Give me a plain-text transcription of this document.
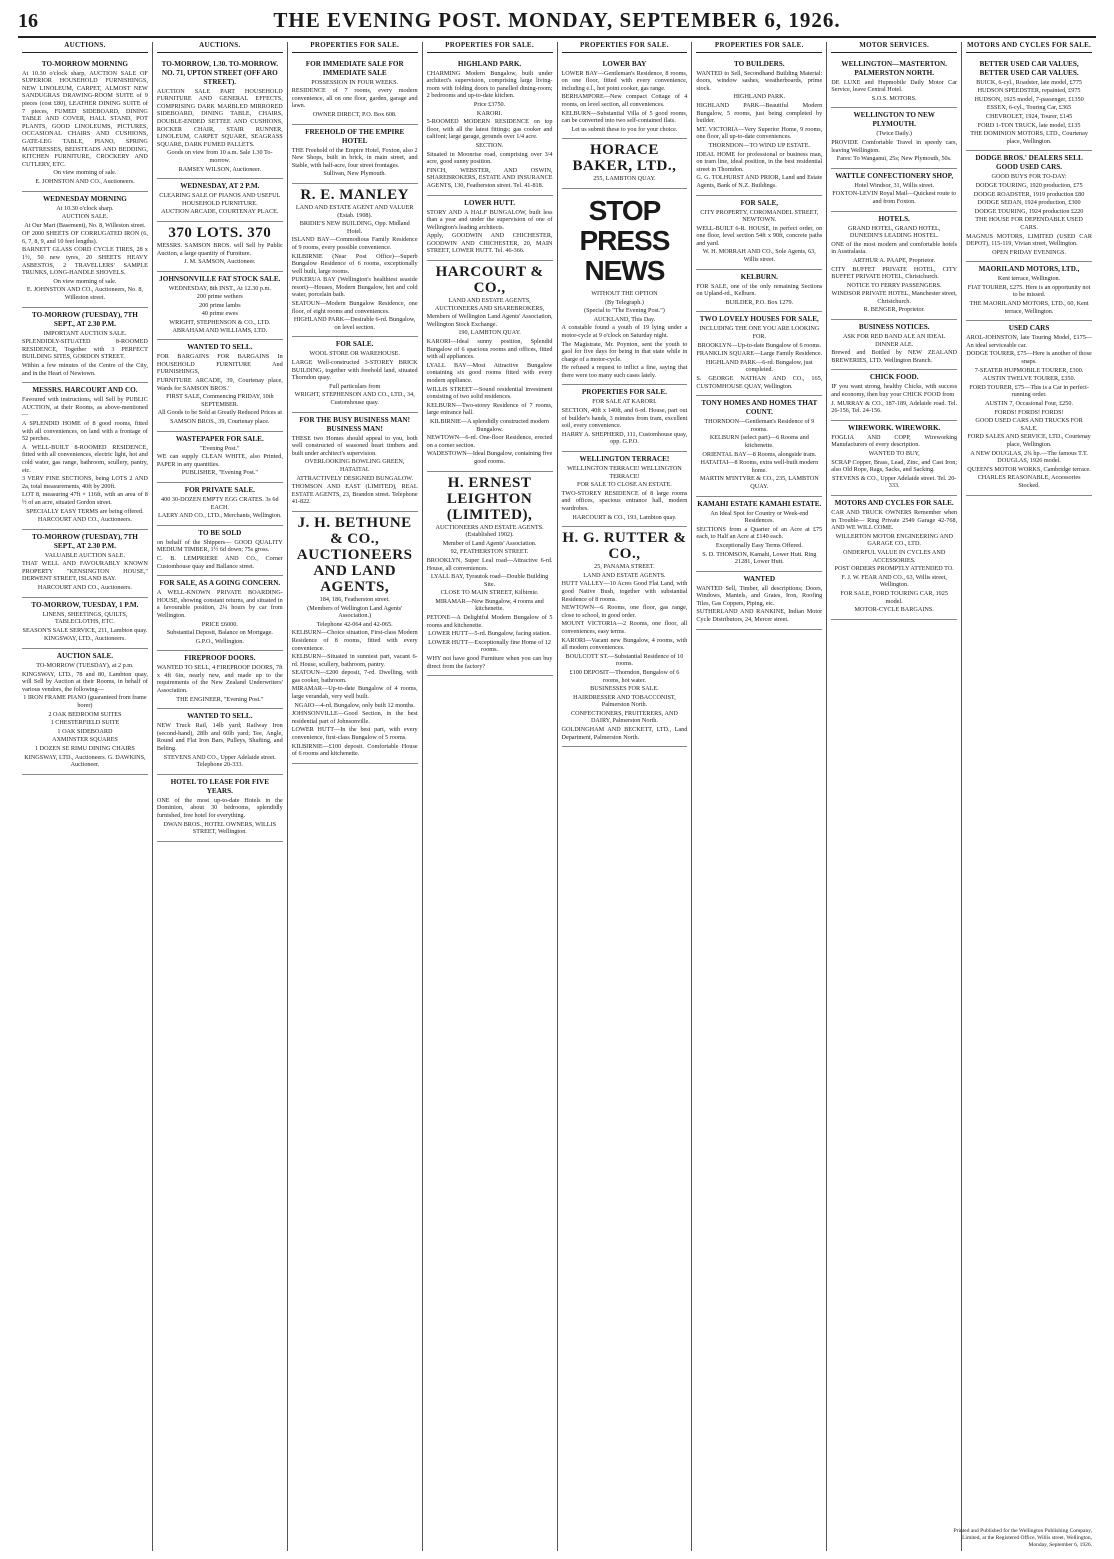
16	THE EVENING POST. MONDAY, SEPTEMBER 6, 1926.
AUCTIONS.
TO-MORROW MORNING

At 10.30 o'clock sharp, AUCTION SALE OF SUPERIOR HOUSEHOLD FURNISHINGS, NEW LINOLEUM, CARPET, ALMOST NEW SANDUGRAS DRAWING-ROOM SUITE of 9 pieces (cost £80), LEATHER DINING SUITE of 7 pieces, FUMED SIDEBOARD, DINING TABLE AND COVER, HALL STAND, POT PLANTS, GOOD LINOLEUMS, PICTURES, OCCASIONAL CHAIRS AND CUSHIONS, GATE-LEG TABLE, PIANO, SPRING MATTRESSES, BEDSTEADS AND BEDDING, KITCHEN FURNITURE, CROCKERY AND CUTLERY, ETC.

On view morning of sale.

E. JOHNSTON AND CO., Auctioneers.

WEDNESDAY MORNING

At 10.30 o'clock sharp.

AUCTION SALE.

At Our Mart (Basement), No. 8, Willeston street.

OF 2000 SHEETS OF CORRUGATED IRON (6, 6, 7, 8, 9, and 10 feet lengths).

BARNETT GLASS CORD CYCLE TIRES, 28 x 1½, 50 new tyres, 20 SHEETS HEAVY ASBESTOS, 2 TRAVELLERS' SAMPLE TRUNKS, LONG-HANDLE SHOVELS.

On view morning of sale.

E. JOHNSTON AND CO., Auctioneers, No. 8, Willeston street.

TO-MORROW (TUESDAY), 7TH SEPT., AT 2.30 P.M.

IMPORTANT AUCTION SALE.

SPLENDIDLY-SITUATED 8-ROOMED RESIDENCE, Together with 3 PERFECT BUILDING SITES, GORDON STREET.

Within a few minutes of the Centre of the City, and in the Heart of Newtown.

MESSRS. HARCOURT AND CO.

Favoured with instructions, will Sell by PUBLIC AUCTION, at their Rooms, as above-mentioned—

A SPLENDID HOME of 8 good rooms, fitted with all conveniences, on land with a frontage of 52 perches.

A WELL-BUILT 8-ROOMED RESIDENCE, fitted with all conveniences, electric light, hot and cold water, gas range, bathroom, scullery, pantry, etc.

3 VERY FINE SECTIONS, being LOTS 2 AND 2a, total measurements, 40ft by 200ft.

LOT 8, measuring 47ft × 116ft, with an area of 8 ½ of an acre, situated Gordon street.

SPECIALLY EASY TERMS are being offered.

HARCOURT AND CO., Auctioneers.

TO-MORROW (TUESDAY), 7TH SEPT., AT 2.30 P.M.

VALUABLE AUCTION SALE.

THAT WELL AND FAVOURABLY KNOWN PROPERTY "KENSINGTON HOUSE," DERWENT STREET, ISLAND BAY.

HARCOURT AND CO., Auctioneers.

TO-MORROW, TUESDAY, 1 P.M.

LINENS, SHEETINGS, QUILTS, TABLECLOTHS, ETC.

SEASON'S SALE SERVICE, 211, Lambton quay.

KINGSWAY, LTD., Auctioneers.

AUCTION SALE.

TO-MORROW (TUESDAY), at 2 p.m.

KINGSWAY, LTD., 78 and 80, Lambton quay, will Sell by Auction at their Rooms, in behalf of various vendors, the following—

1 IRON FRAME PIANO (guaranteed from frame borer)

2 OAK BEDROOM SUITES

1 CHESTERFIELD SUITE

1 OAK SIDEBOARD

AXMINSTER SQUARES

1 DOZEN SE RIMU DINING CHAIRS

KINGSWAY, LTD., Auctioneers. G. DAWKINS, Auctioneer.

AUCTIONS.
TO-MORROW, 1.30. TO-MORROW. NO. 71, UPTON STREET (OFF ARO STREET).

AUCTION SALE PART HOUSEHOLD FURNITURE AND GENERAL EFFECTS, COMPRISING DARK MARBLED MIRRORED SIDEBOARD, DINING TABLE, CHAIRS, DOUBLE-ENDED SETTEE AND CUSHIONS, ROCKER CHAIR, STAIR RUNNER, LINOLEUM, CARPET SQUARE, SEAGRASS SQUARE, DARK FUMED PALLETS.

Goods on view from 10 a.m. Sale 1.30 To-morrow.

RAMSEY WILSON, Auctioneer.

WEDNESDAY, AT 2 P.M.

CLEARING SALE OF PIANOS AND USEFUL HOUSEHOLD FURNITURE.

AUCTION ARCADE, COURTENAY PLACE.

370 LOTS. 370

MESSRS. SAMSON BROS. will Sell by Public Auction, a large quantity of Furniture.

J. M. SAMSON, Auctioneer.

JOHNSONVILLE FAT STOCK SALE.

WEDNESDAY, 8th INST., At 12.30 p.m.

200 prime wethers

200 prime lambs

40 prime ewes

WRIGHT, STEPHENSON & CO., LTD. ABRAHAM AND WILLIAMS, LTD.

WANTED TO SELL.

FOR BARGAINS FOR BARGAINS In HOUSEHOLD FURNITURE And FURNISHINGS,

FURNITURE ARCADE, 39, Courtenay place, Wards for SAMSON BROS.'

FIRST SALE, Commencing FRIDAY, 10th SEPTEMBER.

All Goods to be Sold at Greatly Reduced Prices at

SAMSON BROS., 39, Courtenay place.

WASTEPAPER FOR SALE.

"Evening Post."

WE can supply CLEAN WHITE, also Printed, PAPER in any quantities.

PUBLISHER, "Evening Post."

FOR PRIVATE SALE.

400 30-DOZEN EMPTY EGG CRATES. 3s 6d EACH.

LAERY AND CO., LTD., Merchants, Wellington.

TO BE SOLD

on behalf of the Shippers— GOOD QUALITY MEDIUM TIMBER, 1½ 6d down; 75s gross.

C. B. LEMPRIERE AND CO., Corner Customhouse quay and Ballance street.

FOR SALE, AS A GOING CONCERN.

A WELL-KNOWN PRIVATE BOARDING-HOUSE, showing constant returns, and situated in a favourable position, 2¼ hours by car from Wellington.

PRICE £6000.

Substantial Deposit, Balance on Mortgage.

G.P.O., Wellington.

FIREPROOF DOORS.

WANTED TO SELL, 4 FIREPROOF DOORS, 7ft x 4ft 6in, nearly new, and made up to the requirements of the New Zealand Underwriters' Association.

THE ENGINEER, "Evening Post."

WANTED TO SELL.

NEW Truck Rail, 14lb yard; Railway Iron (second-hand), 28lb and 60lb yard; Tee, Angle, Round and Flat Iron Bars, Pulleys, Shafting, and Belting.

STEVENS AND CO., Upper Adelaide street. Telephone 20-333.

HOTEL TO LEASE FOR FIVE YEARS.

ONE of the most up-to-date Hotels in the Dominion, about 30 bedrooms, splendidly furnished, free hotel for everything.

DWAN BROS., HOTEL OWNERS, WILLIS STREET, Wellington.

PROPERTIES FOR SALE.
FOR IMMEDIATE SALE FOR IMMEDIATE SALE

POSSESSION IN FOUR WEEKS.

RESIDENCE of 7 rooms, every modern convenience, all on one floor, garden, garage and lawn.

OWNER DIRECT, P.O. Box 608.

FREEHOLD OF THE EMPIRE HOTEL

THE Freehold of the Empire Hotel, Foxton, also 2 New Shops, built in brick, in main street, and Stable, with half-acre, four street frontages.

Sullivan, New Plymouth.

R. E. MANLEY

LAND AND ESTATE AGENT AND VALUER (Estab. 1908).

BRIDIE'S NEW BUILDING, Opp. Midland Hotel.

ISLAND BAY—Commodious Family Residence of 9 rooms, every possible convenience.

KILBIRNIE (Near Post Office)—Superb Bungalow Residence of 6 rooms, exceptionally well built, large rooms.

PUKERUA BAY (Wellington's healthiest seaside resort)—Houses, Modern Bungalow, hot and cold water, porcelain bath.

SEATOUN—Modern Bungalow Residence, one floor, of eight rooms and conveniences.

HIGHLAND PARK—Desirable 6-rd. Bungalow, on level section.

FOR SALE.

WOOL STORE OR WAREHOUSE.

LARGE Well-constructed 3-STOREY BRICK BUILDING, together with freehold land, situated Thorndon quay.

Full particulars from

WRIGHT, STEPHENSON AND CO., LTD., 34, Customhouse quay.

FOR THE BUSY BUSINESS MAN! BUSINESS MAN!

THESE two Homes should appeal to you, both well constructed of seasoned heart timbers and built under architect's supervision.

OVERLOOKING BOWLING GREEN, HATAITAI.

ATTRACTIVELY DESIGNED BUNGALOW.

THOMSON AND EAST (LIMITED), REAL ESTATE AGENTS, 23, Brandon street. Telephone 41-822.

J. H. BETHUNE & CO., AUCTIONEERS AND LAND AGENTS,

184, 186, Featherston street.

(Members of Wellington Land Agents' Association.)

Telephone 42-064 and 42-065.

KELBURN—Choice situation, First-class Modern Residence of 8 rooms, fitted with every convenience.

KELBURN—Situated in sunniest part, vacant 6-rd. House, scullery, bathroom, pantry.

SEATOUN—£200 deposit, 7-rd. Dwelling, with gas cooker, bathroom.

MIRAMAR—Up-to-date Bungalow of 4 rooms, large verandah, very well built.

NGAIO—4-rd. Bungalow, only built 12 months.

JOHNSONVILLE—Good Section, in the best residential part of Johnsonville.

LOWER HUTT—In the best part, with every convenience, first-class Bungalow of 5 rooms.

KILBIRNIE—£100 deposit. Comfortable House of 6 rooms and kitchenette.

PROPERTIES FOR SALE.
HIGHLAND PARK.

CHARMING Modern Bungalow, built under architect's supervision, comprising large living-room with folding doors to panelled dining-room; 2 bedrooms and up-to-date kitchen.

Price £3750.

KARORI.

5-ROOMED MODERN RESIDENCE on top floor, with all the latest fittings; gas cooker and califont; large garage, grounds over 1/4 acre.

SECTION.

Situated in Moonrise road, comprising over 3/4 acre, good sunny position.

FINCH, WEBSTER, AND OSWIN, SHAREBROKERS, ESTATE AND INSURANCE AGENTS, 130, Featherston street. Tel. 41-818.

LOWER HUTT.

STORY AND A HALF BUNGALOW, built less than a year and under the supervision of one of Wellington's leading architects.

Apply, GOODWIN AND CHICHESTER, GOODWIN AND CHICHESTER, 20, MAIN STREET, LOWER HUTT. Tel. 46-366.

HARCOURT & CO.,

LAND AND ESTATE AGENTS, AUCTIONEERS AND SHAREBROKERS,

Members of Wellington Land Agents' Association, Wellington Stock Exchange.

190, LAMBTON QUAY.

KARORI—Ideal sunny position, Splendid Bungalow of 6 spacious rooms and offices, fitted with all appliances.

LYALL BAY—Most Attractive Bungalow containing six good rooms fitted with every modern appliance.

WILLIS STREET—Sound residential investment consisting of two solid residences.

KELBURN—Two-storey Residence of 7 rooms, large entrance hall.

KILBIRNIE—A splendidly constructed modern Bungalow.

NEWTOWN—6-rd. One-floor Residence, erected on a corner section.

WADESTOWN—Ideal Bungalow, containing five good rooms.

H. ERNEST LEIGHTON (LIMITED),

AUCTIONEERS AND ESTATE AGENTS. (Established 1902).

Member of Land Agents' Association.

92, FEATHERSTON STREET.

BROOKLYN, Super Leal road—Attractive 6-rd. House, all conveniences.

LYALL BAY, Tyrautok road—Double Building Site.

CLOSE TO MAIN STREET, Kilbirnie.

MIRAMAR—New Bungalow, 4 rooms and kitchenette.

PETONE—A Delightful Modern Bungalow of 5 rooms and kitchenette.

LOWER HUTT—5-rd. Bungalow, facing station.

LOWER HUTT—Exceptionally fine Home of 12 rooms.

WHY not have good Furniture when you can buy direct from the factory?

PROPERTIES FOR SALE.
LOWER BAY

LOWER BAY—Gentleman's Residence, 8 rooms, on one floor, fitted with every convenience, including e.l., hot point cooker, gas range.

BERHAMPORE—New compact Cottage of 4 rooms, on level section, all conveniences.

KELBURN—Substantial Villa of 5 good rooms, can be converted into two self-contained flats.

Let us submit these to you for your choice.

HORACE BAKER, LTD.,

255, LAMBTON QUAY.

STOP PRESS NEWS

WITHOUT THE OPTION

(By Telegraph.)

(Special to "The Evening Post.")

AUCKLAND, This Day.

A constable found a youth of 19 lying under a motor-cycle at 9 o'clock on Saturday night.

The Magistrate, Mr. Poynton, sent the youth to gaol for five days for being in that state while in charge of a motor-cycle.

He refused a request to inflict a fine, saying that there were too many such cases lately.

PROPERTIES FOR SALE.

FOR SALE AT KARORI.

SECTION, 40ft x 140ft, and 6-rd. House, part out of builder's hands, 3 minutes from tram, excellent soil, every convenience.

HARRY A. SHEPHERD, 111, Customhouse quay, opp. G.P.O.

WELLINGTON TERRACE!

WELLINGTON TERRACE! WELLINGTON TERRACE!

FOR SALE TO CLOSE AN ESTATE.

TWO-STOREY RESIDENCE of 8 large rooms and offices, spacious entrance hall, modern wardrobes.

HARCOURT & CO., 193, Lambton quay.

H. G. RUTTER & CO.,

25, PANAMA STREET.

LAND AND ESTATE AGENTS.

HUTT VALLEY—10 Acres Good Flat Land, with good Native Bush, together with substantial Residence of 8 rooms.

NEWTOWN—6 Rooms, one floor, gas range, close to school, in good order.

MOUNT VICTORIA—2 Rooms, one floor, all conveniences, easy terms.

KARORI—Vacant new Bungalow, 4 rooms, with all modern conveniences.

BOULCOTT ST.—Substantial Residence of 10 rooms.

£100 DEPOSIT—Thorndon, Bungalow of 6 rooms, hot water.

BUSINESSES FOR SALE.

HAIRDRESSER AND TOBACCONIST, Palmerston North.

CONFECTIONERS, FRUITERERS, AND DAIRY, Palmerston North.

GOLDINGHAM AND BECKETT, LTD., Land Department, Palmerston North.

PROPERTIES FOR SALE.
TO BUILDERS.

WANTED to Sell, Secondhand Building Material: doors, window sashes, weatherboards, prime stock.

HIGHLAND PARK.

HIGHLAND PARK—Beautiful Modern Bungalow, 5 rooms, just being completed by builder.

MT. VICTORIA—Very Superior Home, 9 rooms, one floor, all up-to-date conveniences.

THORNDON—TO WIND UP ESTATE.

IDEAL HOME for professional or business man, on tram line, ideal position, in the best residential street in Thorndon.

G. G. TOLHURST AND PRIOR, Land and Estate Agents, Bank of N.Z. Buildings.

FOR SALE,

CITY PROPERTY, COROMANDEL STREET, NEWTOWN.

WELL-BUILT 6-R. HOUSE, in perfect order, on one floor, level section 54ft x 90ft, concrete paths and yard.

W. H. MORRAH AND CO., Sole Agents, 63, Willis street.

KELBURN.

FOR SALE, one of the only remaining Sections on Upland-rd., Kelburn.

BUILDER, P.O. Box 1279.

TWO LOVELY HOUSES FOR SALE,

INCLUDING THE ONE YOU ARE LOOKING FOR.

BROOKLYN—Up-to-date Bungalow of 6 rooms.

FRANKLIN SQUARE—Large Family Residence.

HIGHLAND PARK—6-rd. Bungalow, just completed.

S. GEORGE NATHAN AND CO., 165, CUSTOMHOUSE QUAY, Wellington.

TONY HOMES AND HOMES THAT COUNT.

THORNDON—Gentleman's Residence of 9 rooms.

KELBURN (select part)—6 Rooms and kitchenette.

ORIENTAL BAY—8 Rooms, alongside tram.

HATAITAI—8 Rooms, extra well-built modern home.

MARTIN M'INTYRE & CO., 235, LAMBTON QUAY.

KAMAHI ESTATE KAMAHI ESTATE.

An Ideal Spot for Country or Week-end Residences.

SECTIONS from a Quarter of an Acre at £75 each, to Half an Acre at £140 each.

Exceptionally Easy Terms Offered.

S. D. THOMSON, Kamahi, Lower Hutt. Ring 21281, Lower Hutt.

WANTED

WANTED Sell, Timber, all descriptions; Doors, Windows, Mantels, and Grates, Iron, Roofing Tiles, Gas Coppers, Piping, etc.

SUTHERLAND AND RANKINE, Indian Motor Cycle Distributors, 24, Mercer street.

MOTOR SERVICES.
WELLINGTON—MASTERTON. PALMERSTON NORTH.

DE LUXE and Hupmobile Daily Motor Car Service, leave Central Hotel.

S.O.S. MOTORS.

WELLINGTON TO NEW PLYMOUTH.

(Twice Daily.)

PROVIDE Comfortable Travel in speedy cars, leaving Wellington.

Fares: To Wanganui, 25s; New Plymouth, 50s.

WATTLE CONFECTIONERY SHOP,

Hotel Windsor, 31, Willis street.

FOXTON-LEVIN Royal Mail—Quickest route to and from Foxton.

HOTELS.

GRAND HOTEL, GRAND HOTEL, DUNEDIN'S LEADING HOSTEL.

ONE of the most modern and comfortable hotels in Australasia.

ARTHUR A. PAAPE, Proprietor.

CITY BUFFET PRIVATE HOTEL, CITY BUFFET PRIVATE HOTEL, Christchurch.

NOTICE TO FERRY PASSENGERS.

WINDSOR PRIVATE HOTEL, Manchester street, Christchurch.

R. BENGER, Proprietor.

BUSINESS NOTICES.

ASK FOR RED BAND ALE AN IDEAL DINNER ALE.

Brewed and Bottled by NEW ZEALAND BREWERIES, LTD. Wellington Branch.

CHICK FOOD.

IF you want strong, healthy Chicks, with success and economy, then buy your CHICK FOOD from

J. MURRAY & CO., 187-189, Adelaide road. Tel. 26-156, Tel. 24-156.

WIREWORK. WIREWORK.

FOGLIA AND COPP, Wireworking Manufacturers of every description.

WANTED TO BUY,

SCRAP Copper, Brass, Lead, Zinc, and Cast Iron; also Old Rope, Rags, Sacks, and Sacking.

STEVENS & CO., Upper Adelaide street. Tel. 20-333.

MOTORS AND CYCLES FOR SALE.

CAR AND TRUCK OWNERS Remember when in Trouble— Ring Private 2549 Garage 42-768, AND WE WILL COME.

WILLERTON MOTOR ENGINEERING AND GARAGE CO., LTD.

ONDERFUL VALUE IN CYCLES AND ACCESSORIES.

POST ORDERS PROMPTLY ATTENDED TO.

F. J. W. FEAR AND CO., 63, Willis street, Wellington.

FOR SALE, FORD TOURING CAR, 1925 model.

MOTOR-CYCLE BARGAINS.

MOTORS AND CYCLES FOR SALE.
BETTER USED CAR VALUES, BETTER USED CAR VALUES.

BUICK, 6-cyl., Roadster, late model, £775

HUDSON SPEEDSTER, repainted, £975

HUDSON, 1925 model, 7-passenger, £1350

ESSEX, 6-cyl., Touring Car, £365

CHEVROLET, 1924, Tourer, £145

FORD 1-TON TRUCK, late model, £135

THE DOMINION MOTORS, LTD., Courtenay place, Wellington.

DODGE BROS.' DEALERS SELL GOOD USED CARS.

GOOD BUYS FOR TO-DAY:

DODGE TOURING, 1920 production, £75

DODGE ROADSTER, 1919 production £80

DODGE SEDAN, 1924 production, £300

DODGE TOURING, 1924 production £220

THE HOUSE FOR DEPENDABLE USED CARS.

MAGNUS MOTORS, LIMITED (USED CAR DEPOT), 115-119, Vivian street, Wellington.

OPEN FRIDAY EVENINGS.

MAORILAND MOTORS, LTD.,

Kent terrace, Wellington.

FIAT TOURER, £275. Here is an opportunity not to be missed.

THE MAORILAND MOTORS, LTD., 60, Kent terrace, Wellington.

USED CARS

AROL-JOHNSTON, late Touring Model, £175—An ideal serviceable car.

DODGE TOURER, £75—Here is another of those snaps.

7-SEATER HUPMOBILE TOURER, £300.

AUSTIN TWELVE TOURER, £350.

FORD TOURER, £75—This is a Car in perfect-running order.

AUSTIN 7, Occasional Four, £250.

FORDS! FORDS! FORDS!

GOOD USED CARS AND TRUCKS FOR SALE.

FORD SALES AND SERVICE, LTD., Courtenay place, Wellington.

A NEW DOUGLAS, 2¾ hp.—The famous T.T. DOUGLAS, 1926 model.

QUEEN'S MOTOR WORKS, Cambridge terrace.

CHARLES REASONABLE, Accessories Stocked.

Printed and Published for the Wellington Publishing Company, Limited, at the Registered Office, Willis street, Wellington, Monday, September 6, 1926.
